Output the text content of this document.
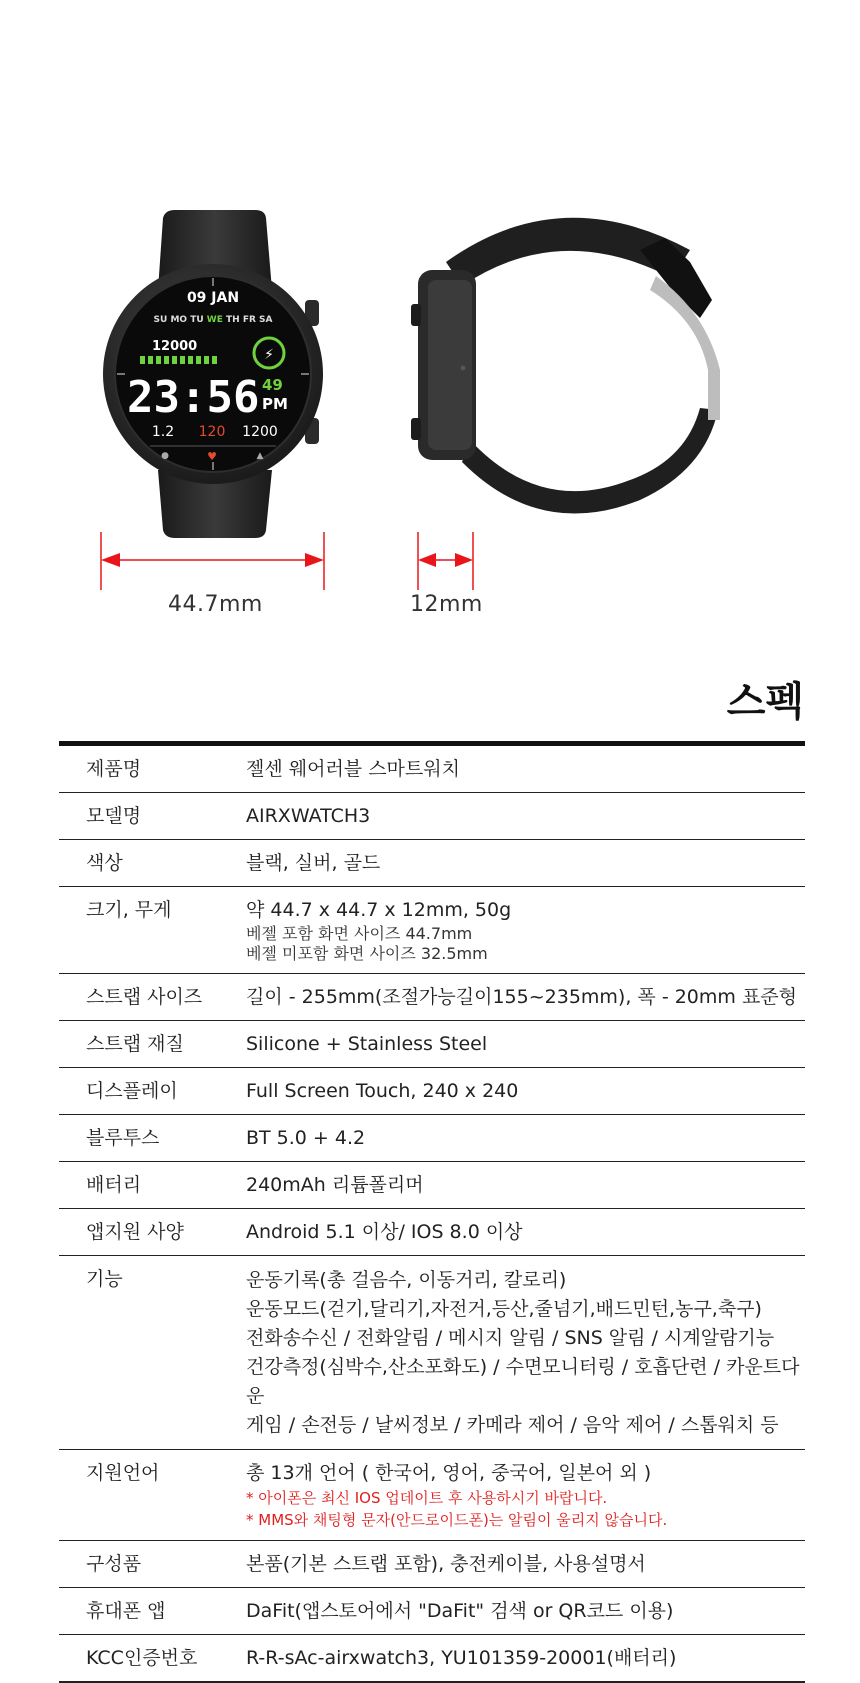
09 JAN
SU MO TU WE TH FR SA
12000
⚡
23:56 49
PM
1.2 120 1200
●	♥	▲
44.7mm	12mm
스펙
제품명	젤센 웨어러블 스마트워치

모델명	AIRXWATCH3

색상	블랙, 실버, 골드

크기, 무게	약 44.7 x 44.7 x 12mm, 50g
베젤 포함 화면 사이즈 44.7mm
베젤 미포함 화면 사이즈 32.5mm

스트랩 사이즈	길이 - 255mm(조절가능길이155~235mm), 폭 - 20mm 표준형

스트랩 재질	Silicone + Stainless Steel

디스플레이	Full Screen Touch, 240 x 240

블루투스	BT 5.0 + 4.2

배터리	240mAh 리튬폴리머

앱지원 사양	Android 5.1 이상/ IOS 8.0 이상

기능	운동기록(총 걸음수, 이동거리, 칼로리)
운동모드(걷기,달리기,자전거,등산,줄넘기,배드민턴,농구,축구)
전화송수신 / 전화알림 / 메시지 알림 / SNS 알림 / 시계알람기능
건강측정(심박수,산소포화도) / 수면모니터링 / 호흡단련 / 카운트다운
게임 / 손전등 / 날씨정보 / 카메라 제어 / 음악 제어 / 스톱워치 등

지원언어	총 13개 언어 ( 한국어, 영어, 중국어, 일본어 외 )
* 아이폰은 최신 IOS 업데이트 후 사용하시기 바랍니다.
* MMS와 채팅형 문자(안드로이드폰)는 알림이 울리지 않습니다.

구성품	본품(기본 스트랩 포함), 충전케이블, 사용설명서

휴대폰 앱	DaFit(앱스토어에서 "DaFit" 검색 or QR코드 이용)

KCC인증번호	R-R-sAc-airxwatch3, YU101359-20001(배터리)
